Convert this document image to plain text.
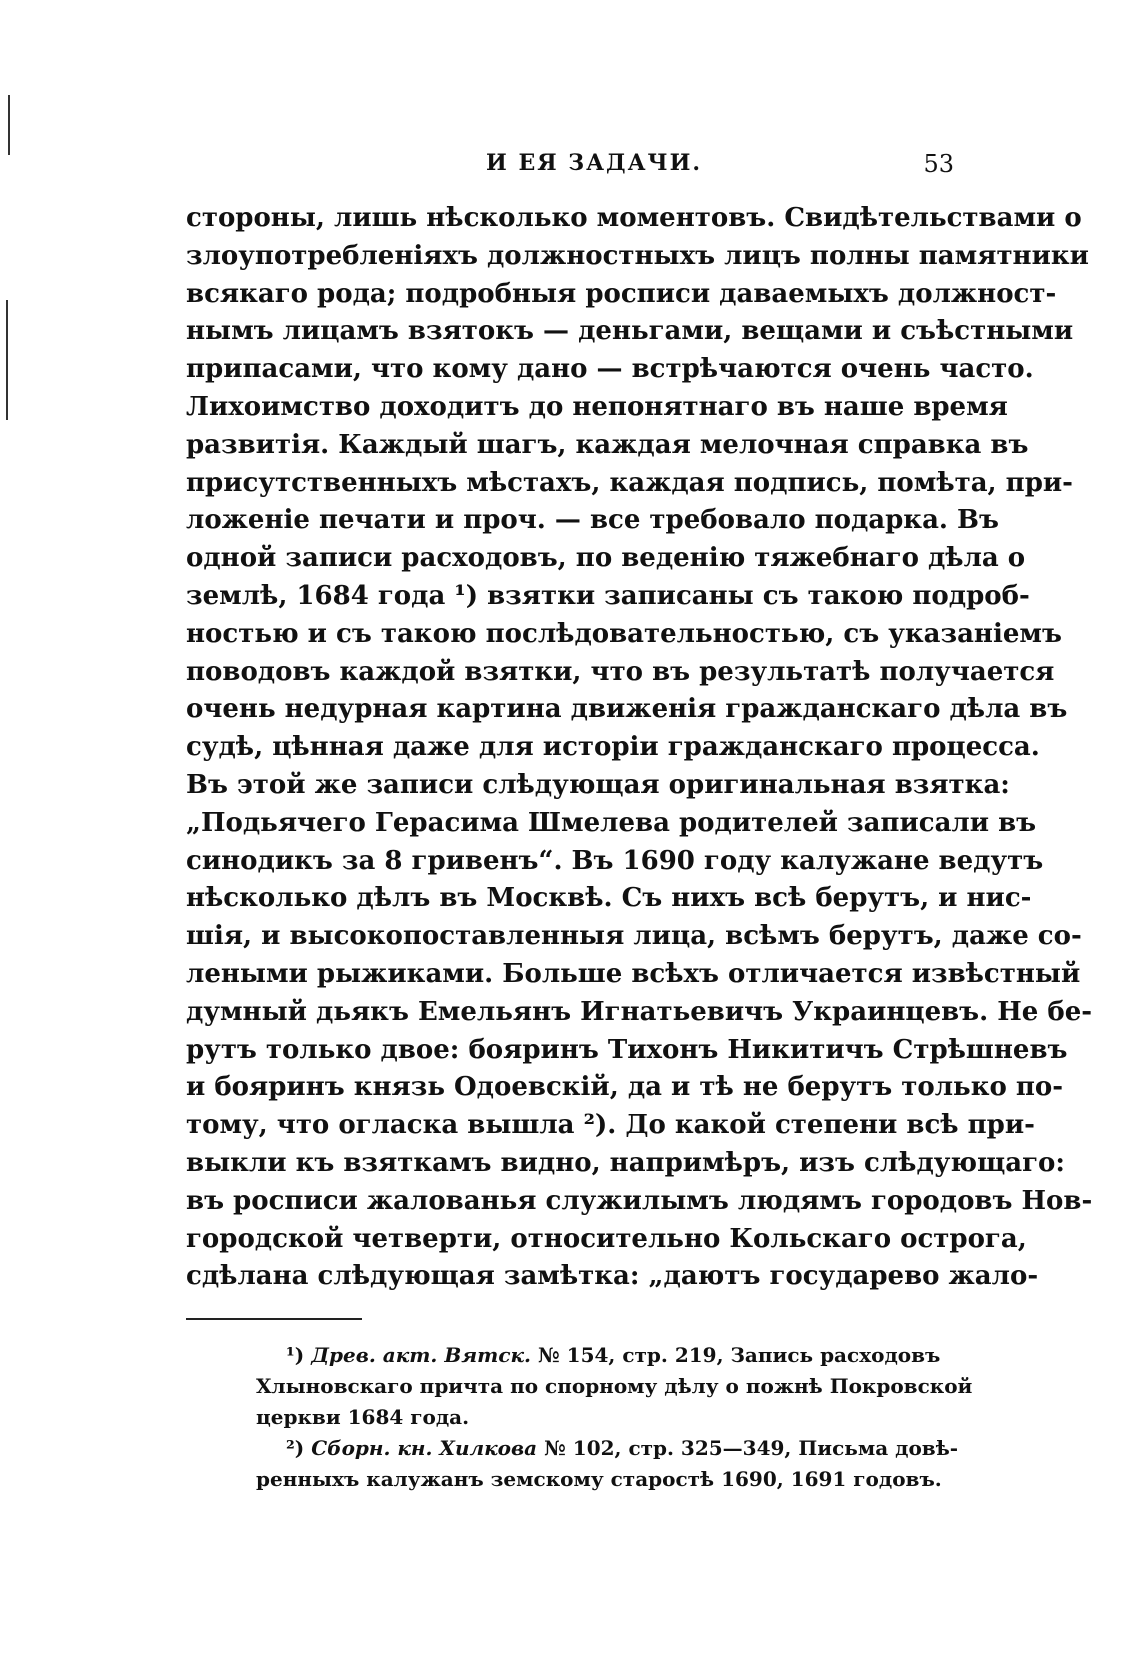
И ЕЯ ЗАДАЧИ.	53
стороны, лишь нѣсколько моментовъ. Свидѣтельствами о
злоупотребленіяхъ должностныхъ лицъ полны памятники
всякаго рода; подробныя росписи даваемыхъ должност-
нымъ лицамъ взятокъ — деньгами, вещами и съѣстными
припасами, что кому дано — встрѣчаются очень часто.
Лихоимство доходитъ до непонятнаго въ наше время
развитія. Каждый шагъ, каждая мелочная справка въ
присутственныхъ мѣстахъ, каждая подпись, помѣта, при-
ложеніе печати и проч. — все требовало подарка. Въ
одной записи расходовъ, по веденію тяжебнаго дѣла о
землѣ, 1684 года ¹) взятки записаны съ такою подроб-
ностью и съ такою послѣдовательностью, съ указаніемъ
поводовъ каждой взятки, что въ результатѣ получается
очень недурная картина движенія гражданскаго дѣла въ
судѣ, цѣнная даже для исторіи гражданскаго процесса.
Въ этой же записи слѣдующая оригинальная взятка:
„Подьячего Герасима Шмелева родителей записали въ
синодикъ за 8 гривенъ“. Въ 1690 году калужане ведутъ
нѣсколько дѣлъ въ Москвѣ. Съ нихъ всѣ берутъ, и нис-
шія, и высокопоставленныя лица, всѣмъ берутъ, даже со-
леными рыжиками. Больше всѣхъ отличается извѣстный
думный дьякъ Емельянъ Игнатьевичъ Украинцевъ. Не бе-
рутъ только двое: бояринъ Тихонъ Никитичъ Стрѣшневъ
и бояринъ князь Одоевскій, да и тѣ не берутъ только по-
тому, что огласка вышла ²). До какой степени всѣ при-
выкли къ взяткамъ видно, напримѣръ, изъ слѣдующаго:
въ росписи жалованья служилымъ людямъ городовъ Нов-
городской четверти, относительно Кольскаго острога,
сдѣлана слѣдующая замѣтка: „даютъ государево жало-
¹) Древ. акт. Вятск. № 154, стр. 219, Запись расходовъ
Хлыновскаго причта по спорному дѣлу о пожнѣ Покровской
церкви 1684 года.
²) Сборн. кн. Хилкова № 102, стр. 325—349, Письма довѣ-
ренныхъ калужанъ земскому старостѣ 1690, 1691 годовъ.
